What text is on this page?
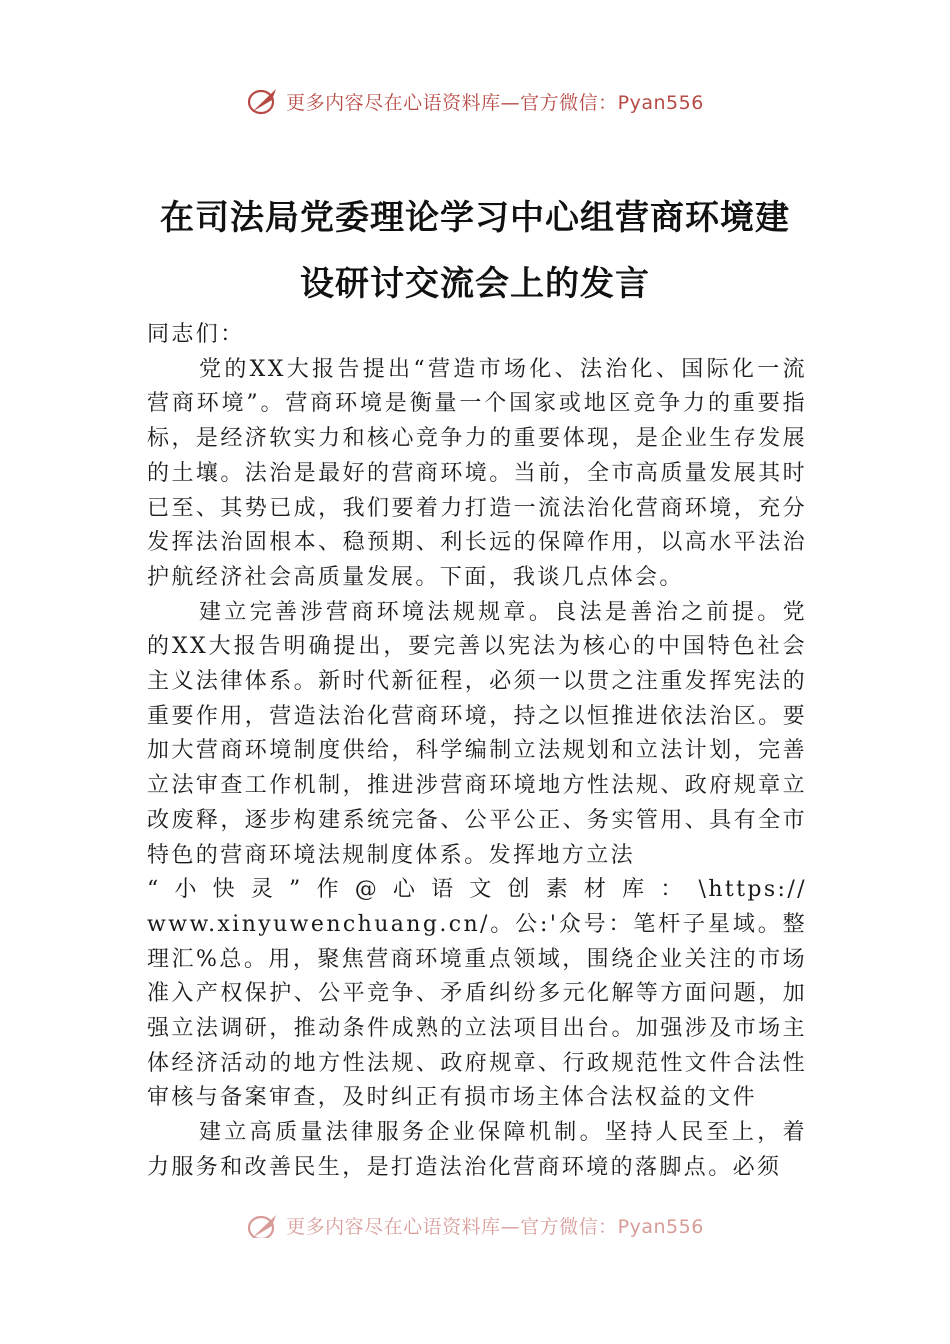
更多内容尽在心语资料库—官方微信：Pyan556
在司法局党委理论学习中心组营商环境建
设研讨交流会上的发言

同志们：

党的XX大报告提出“营造市场化、法治化、国际化一流营商环境”。营商环境是衡量一个国家或地区竞争力的重要指标，是经济软实力和核心竞争力的重要体现，是企业生存发展的土壤。法治是最好的营商环境。当前，全市高质量发展其时已至、其势已成，我们要着力打造一流法治化营商环境，充分发挥法治固根本、稳预期、利长远的保障作用，以高水平法治护航经济社会高质量发展。下面，我谈几点体会。

建立完善涉营商环境法规规章。良法是善治之前提。党的XX大报告明确提出，要完善以宪法为核心的中国特色社会主义法律体系。新时代新征程，必须一以贯之注重发挥宪法的重要作用，营造法治化营商环境，持之以恒推进依法治区。要加大营商环境制度供给，科学编制立法规划和立法计划，完善立法审查工作机制，推进涉营商环境地方性法规、政府规章立改废释，逐步构建系统完备、公平公正、务实管用、具有全市特色的营商环境法规制度体系。发挥地方立法

“小快灵”作@心语文创素材库：\https://

www.xinyuwenchuang.cn/。公:'众号：笔杆子星域。整理汇%总。用，聚焦营商环境重点领域，围绕企业关注的市场准入产权保护、公平竞争、矛盾纠纷多元化解等方面问题，加强立法调研，推动条件成熟的立法项目出台。加强涉及市场主体经济活动的地方性法规、政府规章、行政规范性文件合法性审核与备案审查，及时纠正有损市场主体合法权益的文件

建立高质量法律服务企业保障机制。坚持人民至上，着力服务和改善民生，是打造法治化营商环境的落脚点。必须

更多内容尽在心语资料库—官方微信：Pyan556
